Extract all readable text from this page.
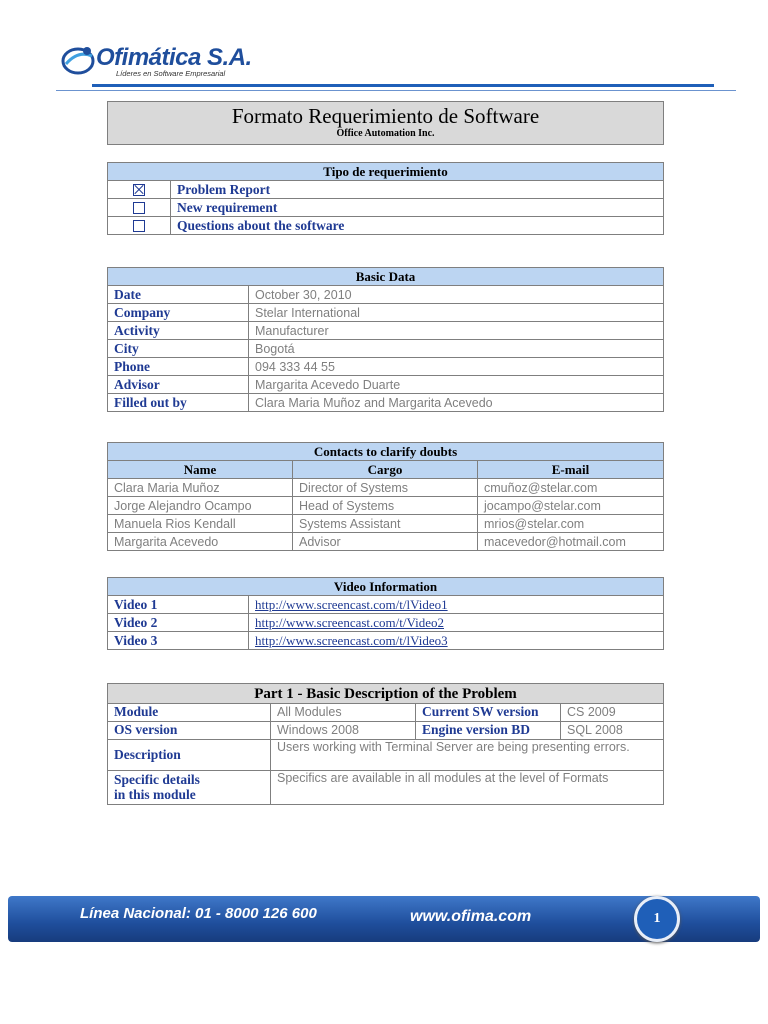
Ofimática S.A.
Líderes en Software Empresarial
Formato Requerimiento de Software
Office Automation Inc.
Tipo de requerimiento	
	Problem Report
	New requirement
	Questions about the software
Basic Data	
Date	October 30, 2010
Company	Stelar International
Activity	Manufacturer
City	Bogotá
Phone	094 333 44 55
Advisor	Margarita Acevedo Duarte
Filled out by	Clara Maria Muñoz and Margarita Acevedo
Contacts to clarify doubts		
Name	Cargo	E-mail
Clara Maria Muñoz	Director of Systems	cmuñoz@stelar.com
Jorge Alejandro Ocampo	Head of Systems	jocampo@stelar.com
Manuela Rios Kendall	Systems Assistant	mrios@stelar.com
Margarita Acevedo	Advisor	macevedor@hotmail.com
Video Information	
Video 1	http://www.screencast.com/t/lVideo1
Video 2	http://www.screencast.com/t/Video2
Video 3	http://www.screencast.com/t/lVideo3
Part 1 - Basic Description of the Problem			
Module	All Modules	Current SW version	CS 2009
OS version	Windows 2008	Engine version BD	SQL 2008
Description	Users working with Terminal Server are being presenting errors.		
Specific details
in this module	Specifics are available in all modules at the level of Formats		
Línea Nacional: 01 - 8000 126 600	www.ofima.com	1
